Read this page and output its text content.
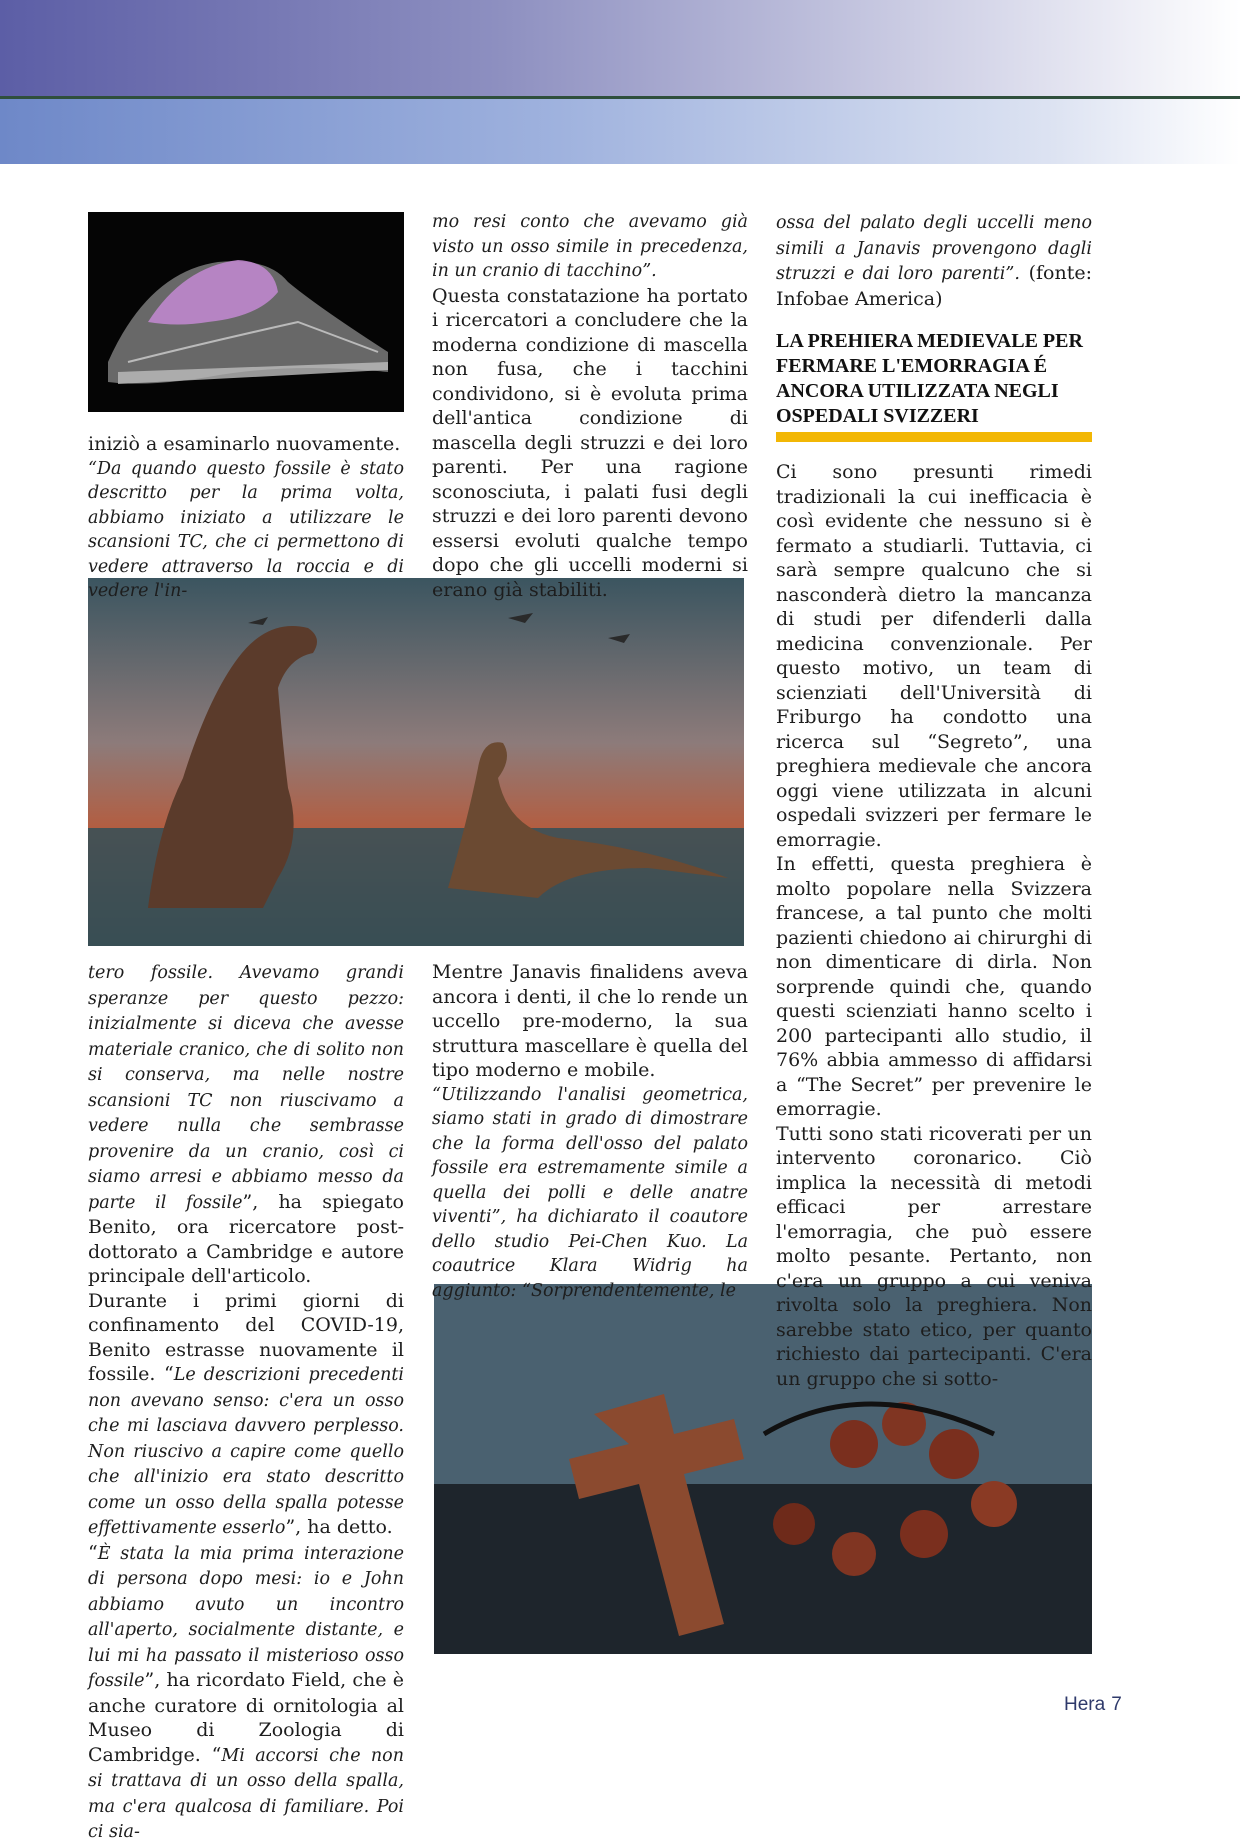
iniziò a esaminarlo nuovamente.

“Da quando questo fossile è stato descritto per la prima volta, abbiamo iniziato a utilizzare le scansioni TC, che ci permettono di vedere attraverso la roccia e di vedere l'in-

mo resi conto che avevamo già visto un osso simile in precedenza, in un cranio di tacchino”.

Questa constatazione ha portato i ricercatori a concludere che la moderna condizione di mascella non fusa, che i tacchini condividono, si è evoluta prima dell'antica condizione di mascella degli struzzi e dei loro parenti. Per una ragione sconosciuta, i palati fusi degli struzzi e dei loro parenti devono essersi evoluti qualche tempo dopo che gli uccelli moderni si erano già stabiliti.

ossa del palato degli uccelli meno simili a Janavis provengono dagli struzzi e dai loro parenti”. (fonte: Infobae America)

LA PREHIERA MEDIEVALE PER FERMARE L'EMORRAGIA É ANCORA UTILIZZATA NEGLI OSPEDALI SVIZZERI

Ci sono presunti rimedi tradizionali la cui inefficacia è così evidente che nessuno si è fermato a studiarli. Tuttavia, ci sarà sempre qualcuno che si nasconderà dietro la mancanza di studi per difenderli dalla medicina convenzionale. Per questo motivo, un team di scienziati dell'Università di Friburgo ha condotto una ricerca sul “Segreto”, una preghiera medievale che ancora oggi viene utilizzata in alcuni ospedali svizzeri per fermare le emorragie.

In effetti, questa preghiera è molto popolare nella Svizzera francese, a tal punto che molti pazienti chiedono ai chirurghi di non dimenticare di dirla. Non sorprende quindi che, quando questi scienziati hanno scelto i 200 partecipanti allo studio, il 76% abbia ammesso di affidarsi a “The Secret” per prevenire le emorragie.

Tutti sono stati ricoverati per un intervento coronarico. Ciò implica la necessità di metodi efficaci per arrestare l'emorragia, che può essere molto pesante. Pertanto, non c'era un gruppo a cui veniva rivolta solo la preghiera. Non sarebbe stato etico, per quanto richiesto dai partecipanti. C'era un gruppo che si sotto-

tero fossile. Avevamo grandi speranze per questo pezzo: inizialmente si diceva che avesse materiale cranico, che di solito non si conserva, ma nelle nostre scansioni TC non riuscivamo a vedere nulla che sembrasse provenire da un cranio, così ci siamo arresi e abbiamo messo da parte il fossile”, ha spiegato Benito, ora ricercatore post-dottorato a Cambridge e autore principale dell'articolo.

Durante i primi giorni di confinamento del COVID-19, Benito estrasse nuovamente il fossile. “Le descrizioni precedenti non avevano senso: c'era un osso che mi lasciava davvero perplesso. Non riuscivo a capire come quello che all'inizio era stato descritto come un osso della spalla potesse effettivamente esserlo”, ha detto.

“È stata la mia prima interazione di persona dopo mesi: io e John abbiamo avuto un incontro all'aperto, socialmente distante, e lui mi ha passato il misterioso osso fossile”, ha ricordato Field, che è anche curatore di ornitologia al Museo di Zoologia di Cambridge. “Mi accorsi che non si trattava di un osso della spalla, ma c'era qualcosa di familiare. Poi ci sia-

Mentre Janavis finalidens aveva ancora i denti, il che lo rende un uccello pre-moderno, la sua struttura mascellare è quella del tipo moderno e mobile.

“Utilizzando l'analisi geometrica, siamo stati in grado di dimostrare che la forma dell'osso del palato fossile era estremamente simile a quella dei polli e delle anatre viventi”, ha dichiarato il coautore dello studio Pei-Chen Kuo. La coautrice Klara Widrig ha aggiunto: “Sorprendentemente, le

Hera 7
